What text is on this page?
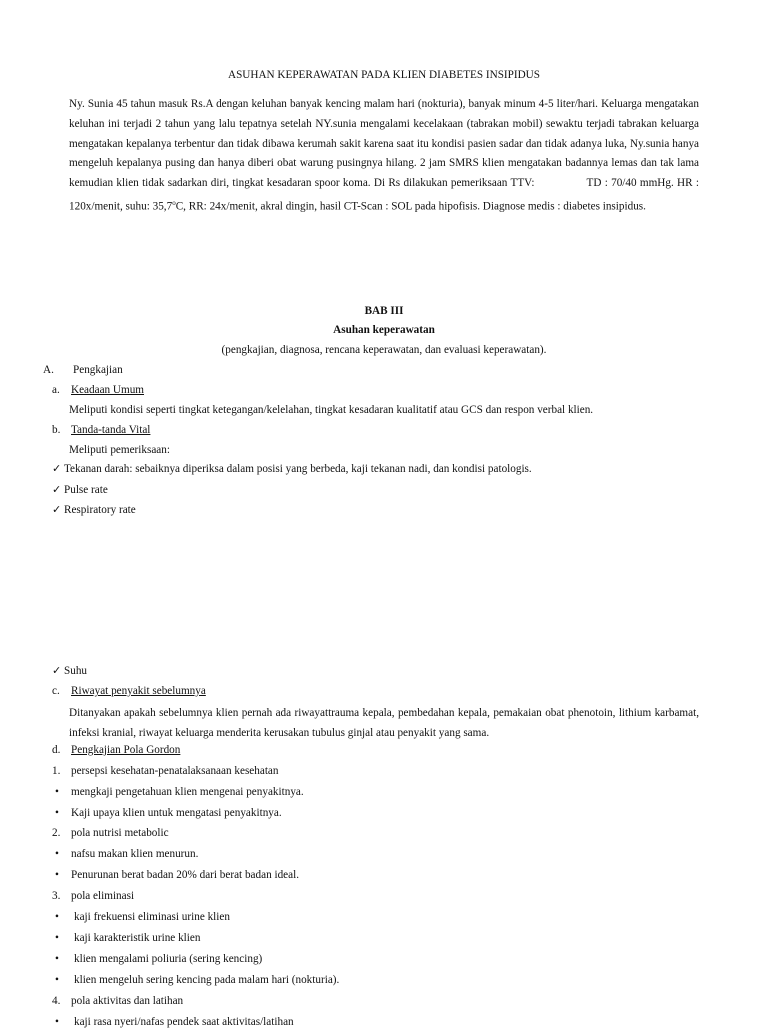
ASUHAN KEPERAWATAN PADA KLIEN DIABETES INSIPIDUS

Ny. Sunia 45 tahun masuk Rs.A dengan keluhan banyak kencing malam hari (nokturia), banyak minum 4-5 liter/hari. Keluarga mengatakan keluhan ini terjadi 2 tahun yang lalu tepatnya setelah NY.sunia mengalami kecelakaan (tabrakan mobil) sewaktu terjadi tabrakan keluarga mengatakan kepalanya terbentur dan tidak dibawa kerumah sakit karena saat itu kondisi pasien sadar dan tidak adanya luka, Ny.sunia hanya mengeluh kepalanya pusing dan hanya diberi obat warung pusingnya hilang. 2 jam SMRS klien mengatakan badannya lemas dan tak lama kemudian klien tidak sadarkan diri, tingkat kesadaran spoor koma. Di Rs dilakukan pemeriksaan TTV:	TD : 70/40 mmHg. HR : 120x/menit, suhu: 35,7$^o$C, RR: 24x/menit, akral dingin, hasil CT-Scan : SOL pada hipofisis. Diagnose medis : diabetes insipidus.

BAB III
Asuhan keperawatan
(pengkajian, diagnosa, rencana keperawatan, dan evaluasi keperawatan).
A. Pengkajian
a. Keadaan Umum
Meliputi kondisi seperti tingkat ketegangan/kelelahan, tingkat kesadaran kualitatif atau GCS dan respon verbal klien.
b. Tanda-tanda Vital
Meliputi pemeriksaan:
✓ Tekanan darah: sebaiknya diperiksa dalam posisi yang berbeda, kaji tekanan nadi, dan kondisi patologis.
✓ Pulse rate
✓ Respiratory rate
✓ Suhu
c. Riwayat penyakit sebelumnya

Ditanyakan apakah sebelumnya klien pernah ada riwayattrauma kepala, pembedahan kepala, pemakaian obat phenotoin, lithium karbamat, infeksi kranial, riwayat keluarga menderita kerusakan tubulus ginjal atau penyakit yang sama.

d. Pengkajian Pola Gordon
1. persepsi kesehatan-penatalaksanaan kesehatan
• mengkaji pengetahuan klien mengenai penyakitnya.
• Kaji upaya klien untuk mengatasi penyakitnya.
2. pola nutrisi metabolic
• nafsu makan klien menurun.
• Penurunan berat badan 20% dari berat badan ideal.
3. pola eliminasi
• kaji frekuensi eliminasi urine klien
• kaji karakteristik urine klien
• klien mengalami poliuria (sering kencing)
• klien mengeluh sering kencing pada malam hari (nokturia).
4. pola aktivitas dan latihan
• kaji rasa nyeri/nafas pendek saat aktivitas/latihan
